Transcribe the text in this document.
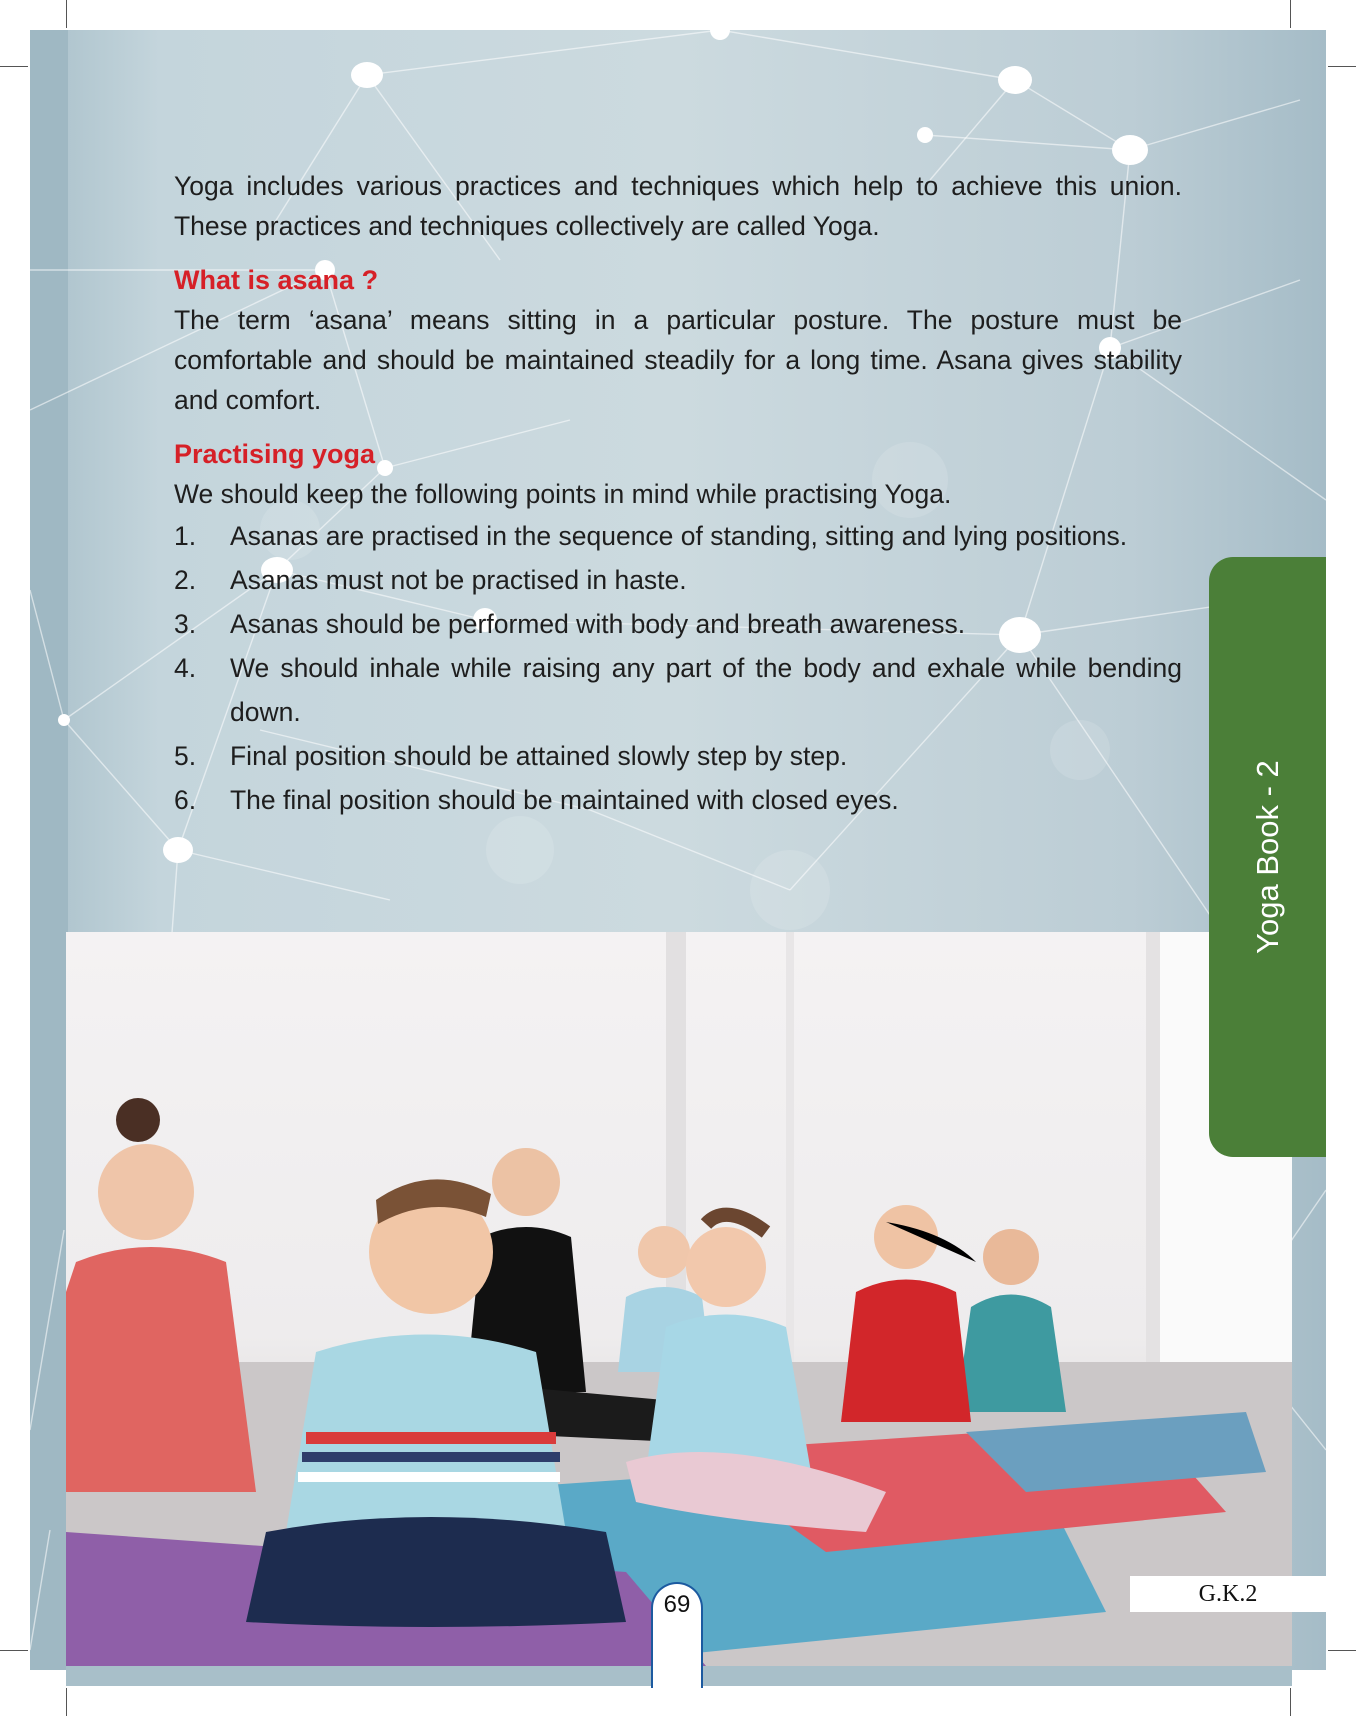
Yoga includes various practices and techniques which help to achieve this union. These practices and techniques collectively are called Yoga.

What is asana ?

The term ‘asana’ means sitting in a particular posture. The posture must be comfortable and should be maintained steadily for a long time. Asana gives stability and comfort.

Practising yoga

We should keep the following points in mind while practising Yoga.

1. Asanas are practised in the sequence of standing, sitting and lying positions.
2. Asanas must not be practised in haste.
3. Asanas should be performed with body and breath awareness.
4. We should inhale while raising any part of the body and exhale while bending down.
5. Final position should be attained slowly step by step.
6. The final position should be maintained with closed eyes.	Yoga Book - 2
69	G.K.2
